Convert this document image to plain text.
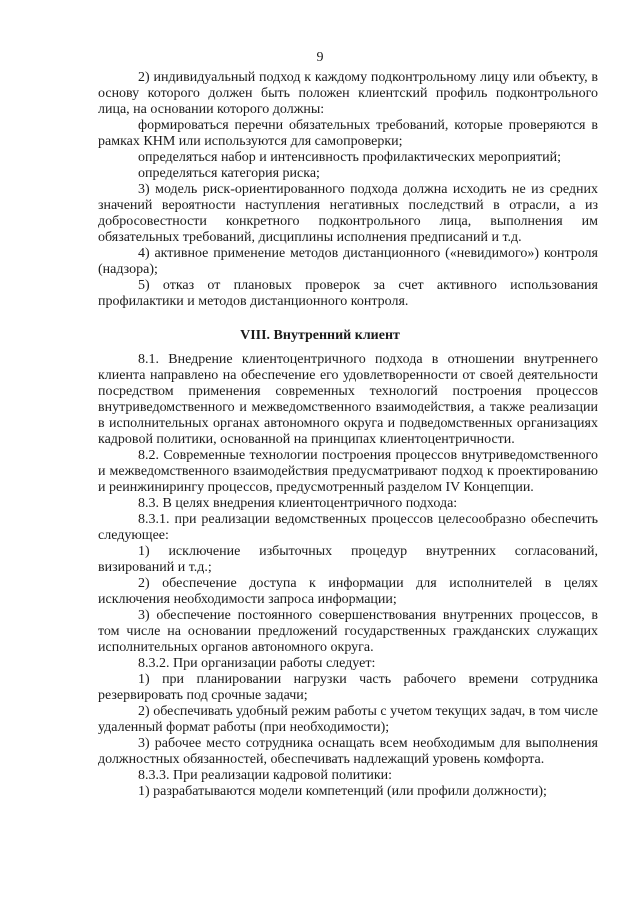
9

2) индивидуальный подход к каждому подконтрольному лицу или объекту, в основу которого должен быть положен клиентский профиль подконтрольного лица, на основании которого должны:

формироваться перечни обязательных требований, которые проверяются в рамках КНМ или используются для самопроверки;

определяться набор и интенсивность профилактических мероприятий;

определяться категория риска;

3) модель риск-ориентированного подхода должна исходить не из средних значений вероятности наступления негативных последствий в отрасли, а из добросовестности конкретного подконтрольного лица, выполнения им обязательных требований, дисциплины исполнения предписаний и т.д.

4) активное применение методов дистанционного («невидимого») контроля (надзора);

5) отказ от плановых проверок за счет активного использования профилактики и методов дистанционного контроля.

VIII. Внутренний клиент

8.1. Внедрение клиентоцентричного подхода в отношении внутреннего клиента направлено на обеспечение его удовлетворенности от своей деятельности посредством применения современных технологий построения процессов внутриведомственного и межведомственного взаимодействия, а также реализации в исполнительных органах автономного округа и подведомственных организациях кадровой политики, основанной на принципах клиентоцентричности.

8.2. Современные технологии построения процессов внутриведомственного и межведомственного взаимодействия предусматривают подход к проектированию и реинжинирингу процессов, предусмотренный разделом IV Концепции.

8.3. В целях внедрения клиентоцентричного подхода:

8.3.1. при реализации ведомственных процессов целесообразно обеспечить следующее:

1) исключение избыточных процедур внутренних согласований, визирований и т.д.;

2) обеспечение доступа к информации для исполнителей в целях исключения необходимости запроса информации;

3) обеспечение постоянного совершенствования внутренних процессов, в том числе на основании предложений государственных гражданских служащих исполнительных органов автономного округа.

8.3.2. При организации работы следует:

1) при планировании нагрузки часть рабочего времени сотрудника резервировать под срочные задачи;

2) обеспечивать удобный режим работы с учетом текущих задач, в том числе удаленный формат работы (при необходимости);

3) рабочее место сотрудника оснащать всем необходимым для выполнения должностных обязанностей, обеспечивать надлежащий уровень комфорта.

8.3.3. При реализации кадровой политики:

1) разрабатываются модели компетенций (или профили должности);
